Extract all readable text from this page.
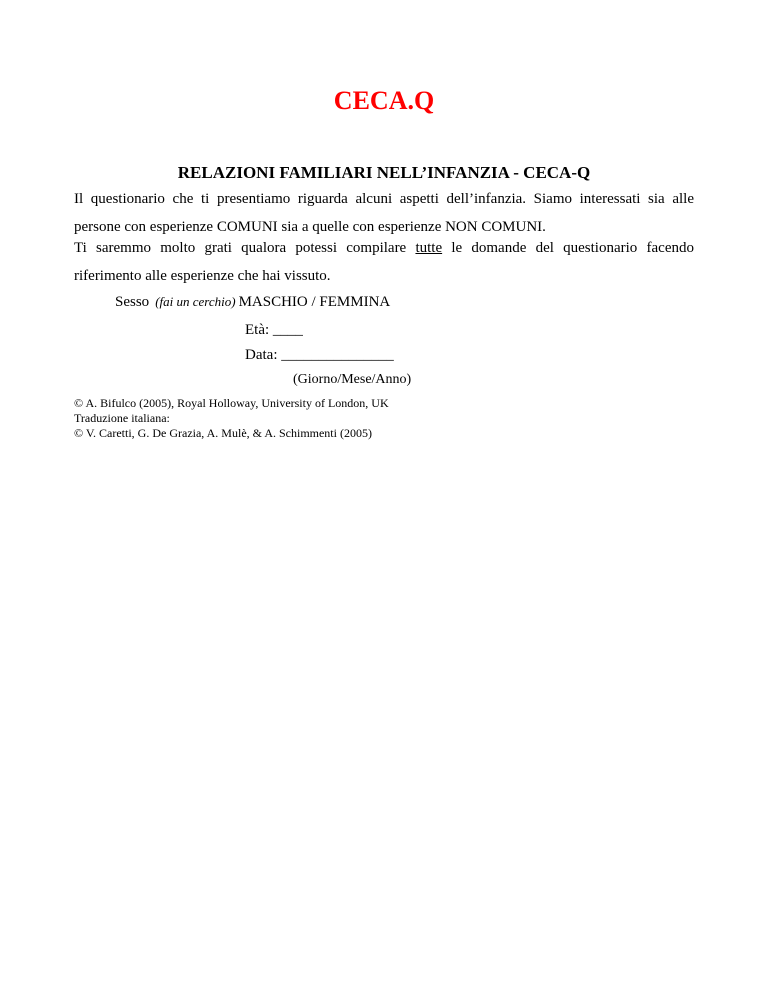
CECA.Q
RELAZIONI FAMILIARI NELL’INFANZIA - CECA-Q
Il questionario che ti presentiamo riguarda alcuni aspetti dell’infanzia. Siamo interessati sia alle persone con esperienze COMUNI sia a quelle con esperienze NON COMUNI.
Ti saremmo molto grati qualora potessi compilare tutte le domande del questionario facendo riferimento alle esperienze che hai vissuto.
Sesso (fai un cerchio) MASCHIO / FEMMINA
Età: ____
Data: _______________
(Giorno/Mese/Anno)
© A. Bifulco (2005), Royal Holloway, University of London, UK
Traduzione italiana:
© V. Caretti, G. De Grazia, A. Mulè, & A. Schimmenti (2005)
